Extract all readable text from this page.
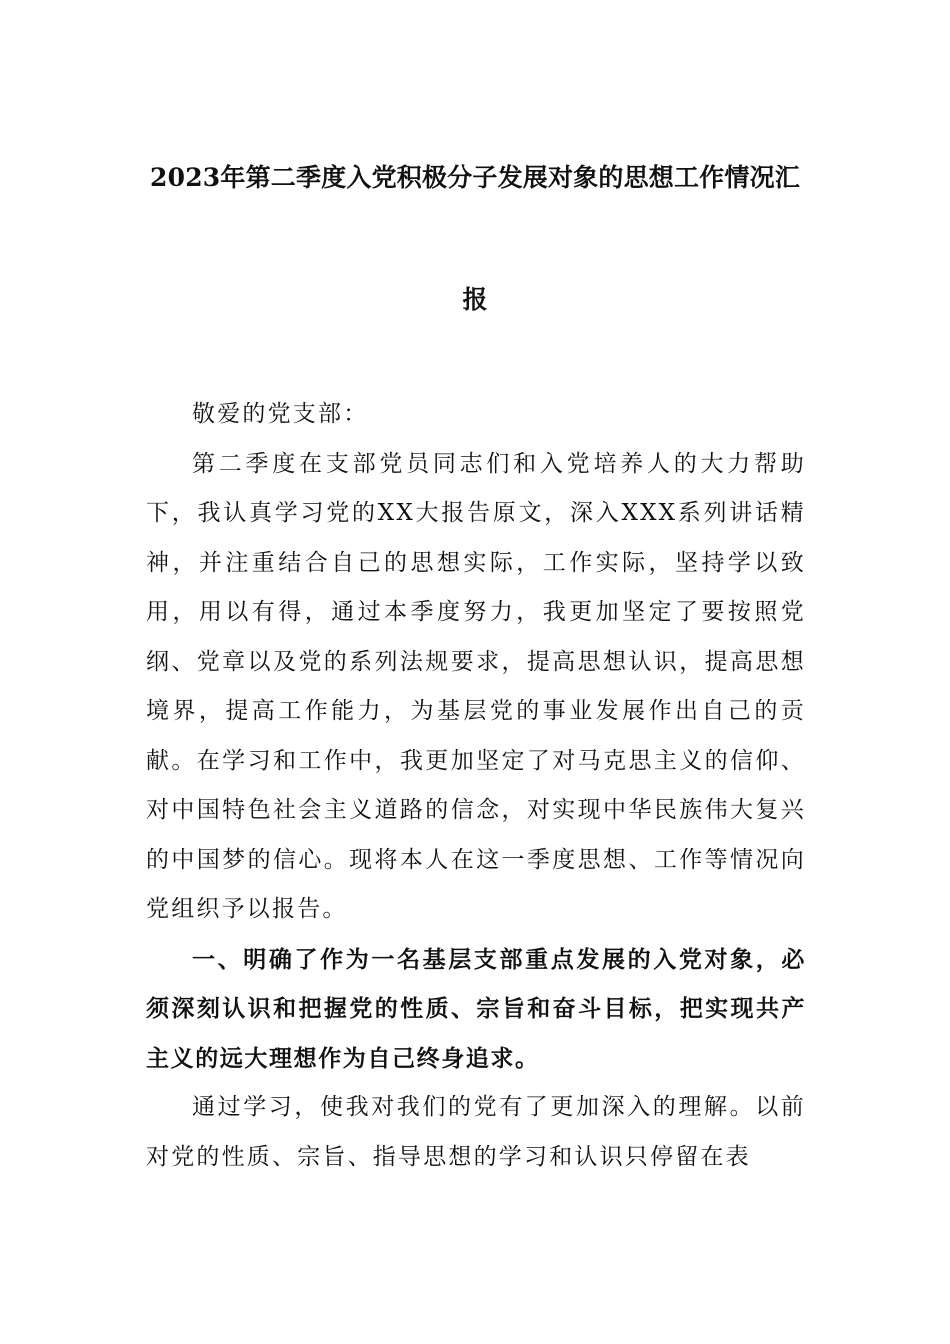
2023年第二季度入党积极分子发展对象的思想工作情况汇
报

敬爱的党支部：

第二季度在支部党员同志们和入党培养人的大力帮助下，我认真学习党的XX大报告原文，深入XXX系列讲话精神，并注重结合自己的思想实际，工作实际，坚持学以致用，用以有得，通过本季度努力，我更加坚定了要按照党纲、党章以及党的系列法规要求，提高思想认识，提高思想境界，提高工作能力，为基层党的事业发展作出自己的贡献。在学习和工作中，我更加坚定了对马克思主义的信仰、对中国特色社会主义道路的信念，对实现中华民族伟大复兴的中国梦的信心。现将本人在这一季度思想、工作等情况向党组织予以报告。

一、明确了作为一名基层支部重点发展的入党对象，必须深刻认识和把握党的性质、宗旨和奋斗目标，把实现共产主义的远大理想作为自己终身追求。

通过学习，使我对我们的党有了更加深入的理解。以前对党的性质、宗旨、指导思想的学习和认识只停留在表
